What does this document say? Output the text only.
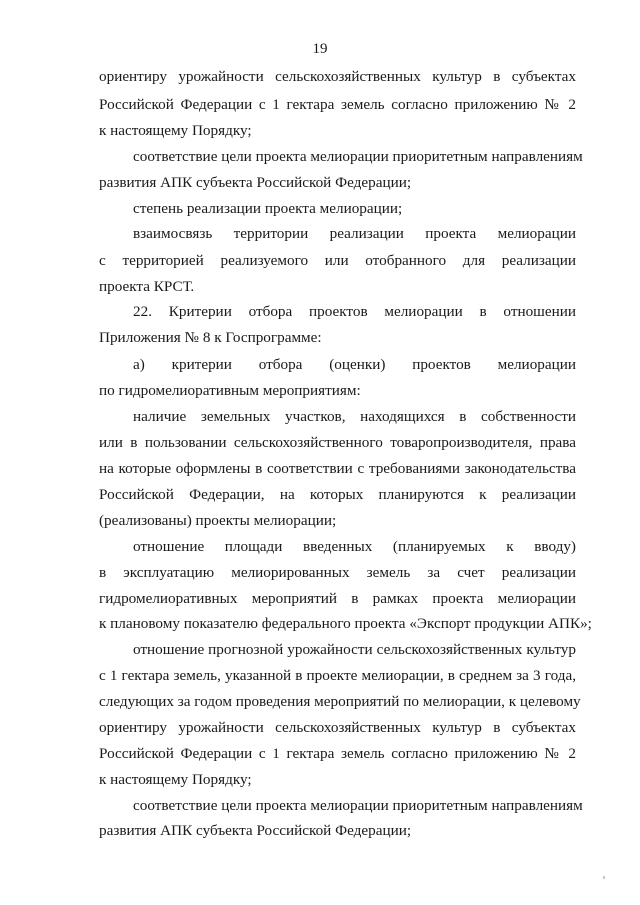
19
ориентиру урожайности сельскохозяйственных культур в субъектах
Российской Федерации с 1 гектара земель согласно приложению № 2
к настоящему Порядку;
соответствие цели проекта мелиорации приоритетным направлениям
развития АПК субъекта Российской Федерации;
степень реализации проекта мелиорации;
взаимосвязь территории реализации проекта мелиорации
с территорией реализуемого или отобранного для реализации
проекта КРСТ.
22. Критерии отбора проектов мелиорации в отношении
Приложения № 8 к Госпрограмме:
а) критерии отбора (оценки) проектов мелиорации
по гидромелиоративным мероприятиям:
наличие земельных участков, находящихся в собственности
или в пользовании сельскохозяйственного товаропроизводителя, права
на которые оформлены в соответствии с требованиями законодательства
Российской Федерации, на которых планируются к реализации
(реализованы) проекты мелиорации;
отношение площади введенных (планируемых к вводу)
в эксплуатацию мелиорированных земель за счет реализации
гидромелиоративных мероприятий в рамках проекта мелиорации
к плановому показателю федерального проекта «Экспорт продукции АПК»;
отношение прогнозной урожайности сельскохозяйственных культур
с 1 гектара земель, указанной в проекте мелиорации, в среднем за 3 года,
следующих за годом проведения мероприятий по мелиорации, к целевому
ориентиру урожайности сельскохозяйственных культур в субъектах
Российской Федерации с 1 гектара земель согласно приложению № 2
к настоящему Порядку;
соответствие цели проекта мелиорации приоритетным направлениям
развития АПК субъекта Российской Федерации;
